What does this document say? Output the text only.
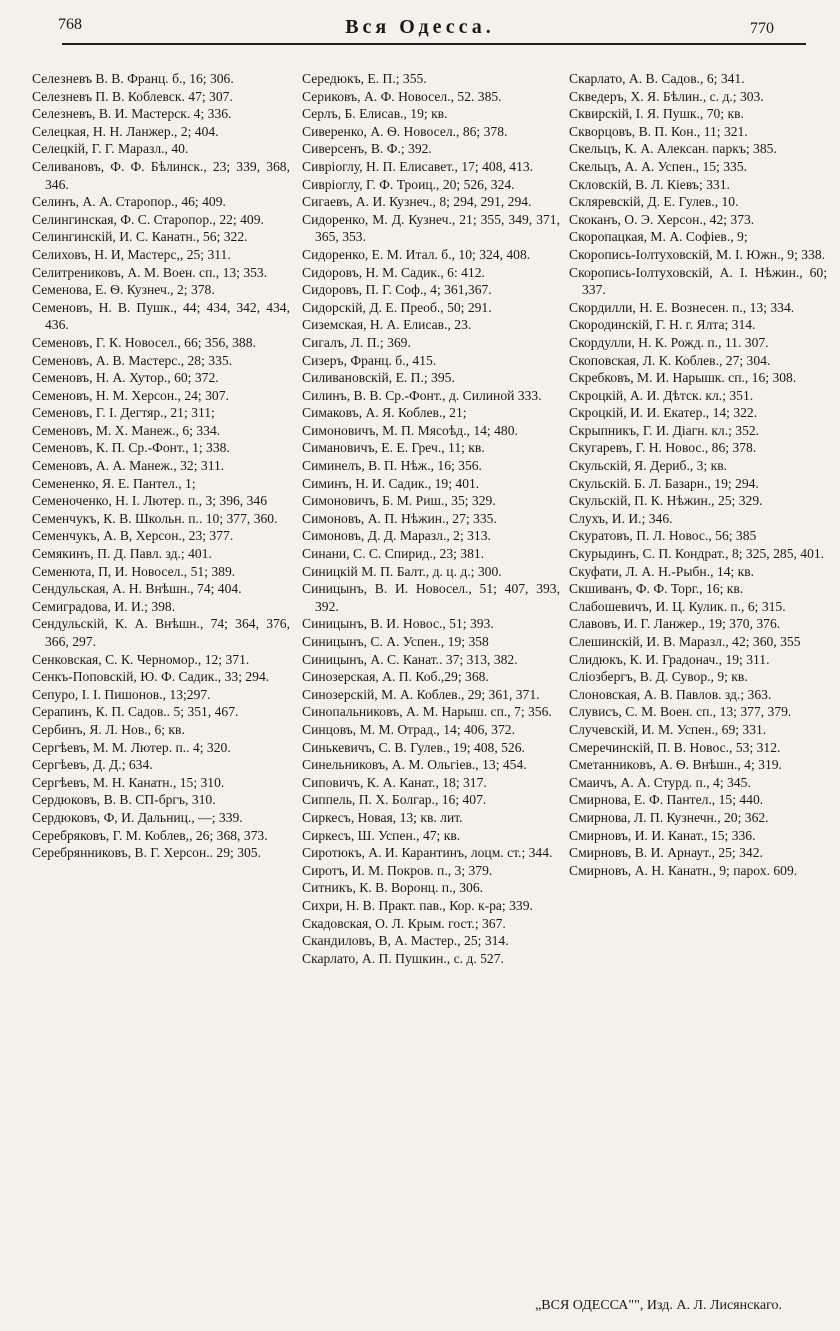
768	Вся Одесса.	770

Селезневъ В. В. Франц. б., 16; 306.

Селезневъ П. В. Коблевск. 47; 307.

Селезневъ, В. И. Мастерск. 4; 336.

Селецкая, Н. Н. Ланжер., 2; 404.

Селецкій, Г. Г. Маразл., 40.

Селивановъ, Ф. Ф. Бѣлинск., 23; 339, 368, 346.

Селинъ, А. А. Старопор., 46; 409.

Селингинская, Ф. С. Старопор., 22; 409.

Селингинскій, И. С. Канатн., 56; 322.

Селиховъ, Н. И, Мастерс,, 25; 311.

Селитрениковъ, А. М. Воен. сп., 13; 353.

Семенова, Е. Ѳ. Кузнеч., 2; 378.

Семеновъ, Н. В. Пушк., 44; 434, 342, 434, 436.

Семеновъ, Г. К. Новосел., 66; 356, 388.

Семеновъ, А. В. Мастерс., 28; 335.

Семеновъ, Н. А. Хутор., 60; 372.

Семеновъ, Н. М. Херсон., 24; 307.

Семеновъ, Г. І. Дегтяр., 21; 311;

Семеновъ, М. Х. Манеж., 6; 334.

Семеновъ, К. П. Ср.-Фонт., 1; 338.

Семеновъ, А. А. Манеж., 32; 311.

Семененко, Я. Е. Пантел., 1;

Семеноченко, Н. І. Лютер. п., 3; 396, 346

Семенчукъ, К. В. Школьн. п.. 10; 377, 360.

Семенчукъ, А. В, Херсон., 23; 377.

Семякинъ, П. Д. Павл. зд.; 401.

Семенюта, П, И. Новосел., 51; 389.

Сендульская, А. Н. Внѣшн., 74; 404.

Семиградова, И. И.; 398.

Сендульскій, К. А. Внѣшн., 74; 364, 376, 366, 297.

Сенковская, С. К. Черномор., 12; 371.

Сенкъ-Поповскій, Ю. Ф. Садик., 33; 294.

Сепуро, І. І. Пишонов., 13;297.

Серапинъ, К. П. Садов.. 5; 351, 467.

Сербинъ, Я. Л. Нов., 6; кв.

Сергѣевъ, М. М. Лютер. п.. 4; 320.

Сергѣевъ, Д. Д.; 634.

Сергѣевъ, М. Н. Канатн., 15; 310.

Сердюковъ, В. В. СП-бргъ, 310.

Сердюковъ, Ф, И. Дальниц., —; 339.

Серебряковъ, Г. М. Коблев,, 26; 368, 373.

Серебрянниковъ, В. Г. Херсон.. 29; 305.

Середюкъ, Е. П.; 355.

Сериковъ, А. Ф. Новосел., 52. 385.

Серлъ, Б. Елисав., 19; кв.

Сиверенко, А. Ѳ. Новосел., 86; 378.

Сиверсенъ, В. Ф.; 392.

Сивріоглу, Н. П. Елисавет., 17; 408, 413.

Сивріоглу, Г. Ф. Троиц., 20; 526, 324.

Сигаевъ, А. И. Кузнеч., 8; 294, 291, 294.

Сидоренко, М. Д. Кузнеч., 21; 355, 349, 371, 365, 353.

Сидоренко, Е. М. Итал. б., 10; 324, 408.

Сидоровъ, Н. М. Садик., 6: 412.

Сидоровъ, П. Г. Соф., 4; 361,367.

Сидорскій, Д. Е. Преоб., 50; 291.

Сиземская, Н. А. Елисав., 23.

Сигалъ, Л. П.; 369.

Сизеръ, Франц. б., 415.

Силивановскій, Е. П.; 395.

Силинъ, В. В. Ср.-Фонт., д. Силиной 333.

Симаковъ, А. Я. Коблев., 21;

Симоновичъ, М. П. Мясоѣд., 14; 480.

Симановичъ, Е. Е. Греч., 11; кв.

Симинелъ, В. П. Нѣж., 16; 356.

Симинъ, Н. И. Садик., 19; 401.

Симоновичъ, Б. М. Риш., 35; 329.

Симоновъ, А. П. Нѣжин., 27; 335.

Симоновъ, Д. Д. Маразл., 2; 313.

Синани, С. С. Спирид., 23; 381.

Синицкій М. П. Балт., д. ц. д.; 300.

Синицынъ, В. И. Новосел., 51; 407, 393, 392.

Синицынъ, В. И. Новос., 51; 393.

Синицынъ, С. А. Успен., 19; 358

Синицынъ, А. С. Канат.. 37; 313, 382.

Синозерская, А. П. Коб.,29; 368.

Синозерскій, М. А. Коблев., 29; 361, 371.

Синопальниковъ, А. М. Нарыш. сп., 7; 356.

Синцовъ, М. М. Отрад., 14; 406, 372.

Синькевичъ, С. В. Гулев., 19; 408, 526.

Синельниковъ, А. М. Ольгіев., 13; 454.

Сиповичъ, К. А. Канат., 18; 317.

Сиппель, П. Х. Болгар., 16; 407.

Сиркесъ, Новая, 13; кв. лит.

Сиркесъ, Ш. Успен., 47; кв.

Сиротюкъ, А. И. Карантинъ, лоцм. ст.; 344.

Сиротъ, И. М. Покров. п., 3; 379.

Ситникъ, К. В. Воронц. п., 306.

Сихри, Н. В. Практ. пав., Кор. к-ра; 339.

Скадовская, О. Л. Крым. гост.; 367.

Скандиловъ, В, А. Мастер., 25; 314.

Скарлато, А. П. Пушкин., с. д. 527.

Скарлато, А. В. Садов., 6; 341.

Скведеръ, Х. Я. Бѣлин., с. д.; 303.

Сквирскій, І. Я. Пушк., 70; кв.

Скворцовъ, В. П. Кон., 11; 321.

Скельцъ, К. А. Алексан. паркъ; 385.

Скельцъ, А. А. Успен., 15; 335.

Скловскій, В. Л. Кіевъ; 331.

Скляревскій, Д. Е. Гулев., 10.

Скоканъ, О. Э. Херсон., 42; 373.

Скоропацкая, М. А. Софіев., 9;

Скоропись-Іолтуховскій, М. І. Южн., 9; 338.

Скоропись-Іолтуховскій, А. І. Нѣжин., 60; 337.

Скордилли, Н. Е. Вознесен. п., 13; 334.

Скородинскій, Г. Н. г. Ялта; 314.

Скордулли, Н. К. Рожд. п., 11. 307.

Скоповская, Л. К. Коблев., 27; 304.

Скребковъ, М. И. Нарышк. сп., 16; 308.

Скроцкій, А. И. Дѣтск. кл.; 351.

Скроцкій, И. И. Екатер., 14; 322.

Скрыпникъ, Г. И. Діагн. кл.; 352.

Скугаревъ, Г. Н. Новос., 86; 378.

Скульскій, Я. Дериб., 3; кв.

Скульскій. Б. Л. Базарн., 19; 294.

Скульскій, П. К. Нѣжин., 25; 329.

Слухъ, И. И.; 346.

Скуратовъ, П. Л. Новос., 56; 385

Скурыдинъ, С. П. Кондрат., 8; 325, 285, 401.

Скуфати, Л. А. Н.-Рыбн., 14; кв.

Скшиванъ, Ф. Ф. Торг., 16; кв.

Слабошевичъ, И. Ц. Кулик. п., 6; 315.

Славовъ, И. Г. Ланжер., 19; 370, 376.

Слешинскій, И. В. Маразл., 42; 360, 355

Слидюкъ, К. И. Градонач., 19; 311.

Сліозбергъ, В. Д. Сувор., 9; кв.

Слоновская, А. В. Павлов. зд.; 363.

Слувисъ, С. М. Воен. сп., 13; 377, 379.

Случевскій, И. М. Успен., 69; 331.

Смеречинскій, П. В. Новос., 53; 312.

Сметанниковъ, А. Ѳ. Внѣшн., 4; 319.

Смаичъ, А. А. Стурд. п., 4; 345.

Смирнова, Е. Ф. Пантел., 15; 440.

Смирнова, Л. П. Кузнечн., 20; 362.

Смирновъ, И. И. Канат., 15; 336.

Смирновъ, В. И. Арнаут., 25; 342.

Смирновъ, А. Н. Канатн., 9; парох. 609.

„ВСЯ ОДЕССА"", Изд. А. Л. Лисянскаго.
